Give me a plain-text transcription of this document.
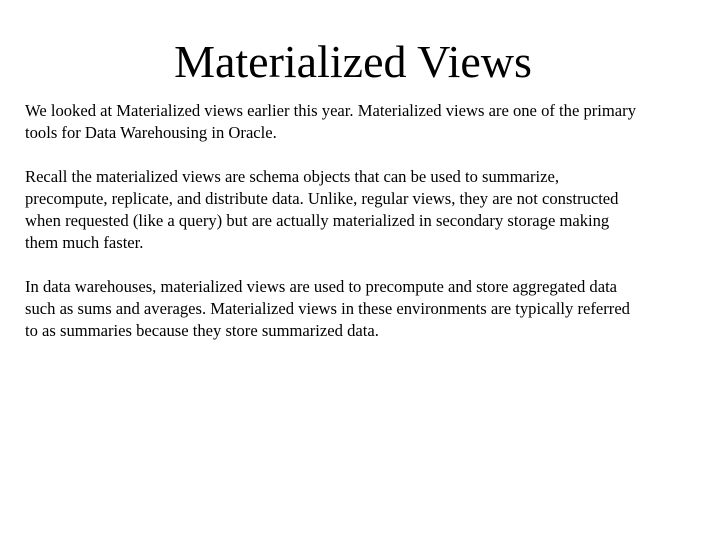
Materialized Views

We looked at Materialized views earlier this year. Materialized views are one of the primary
tools for Data Warehousing in Oracle.

Recall the materialized views are schema objects that can be used to summarize,
precompute, replicate, and distribute data. Unlike, regular views, they are not constructed
when requested (like a query) but are actually materialized in secondary storage making
them much faster.

In data warehouses, materialized views are used to precompute and store aggregated data
such as sums and averages. Materialized views in these environments are typically referred
to as summaries because they store summarized data.
